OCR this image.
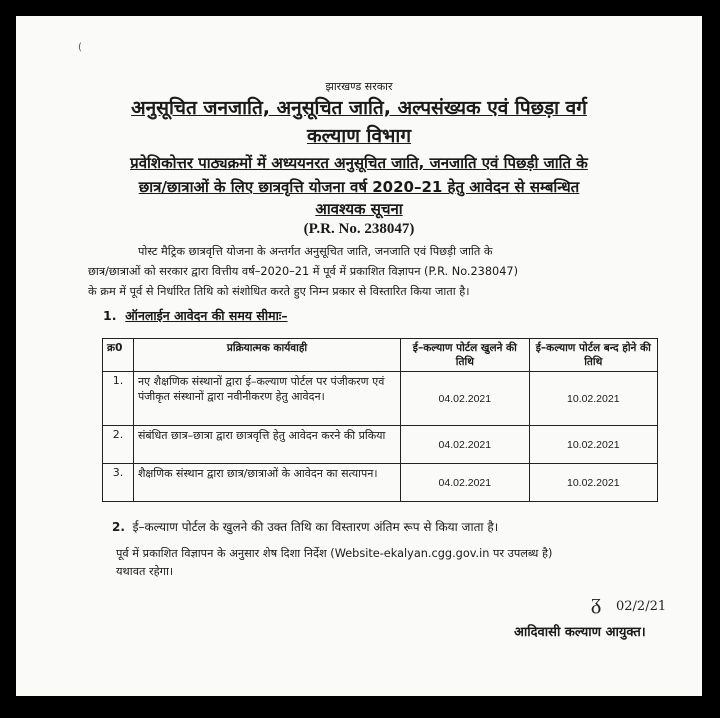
झारखण्ड सरकार
अनुसूचित जनजाति, अनुसूचित जाति, अल्पसंख्यक एवं पिछड़ा वर्ग
कल्याण विभाग
प्रवेशिकोत्तर पाठ्यक्रमों में अध्ययनरत अनुसूचित जाति, जनजाति एवं पिछड़ी जाति के
छात्र/छात्राओं के लिए छात्रवृत्ति योजना वर्ष 2020–21 हेतु आवेदन से सम्बन्धित
आवश्यक सूचना
(P.R. No. 238047)
पोस्ट मैट्रिक छात्रवृत्ति योजना के अन्तर्गत अनुसूचित जाति, जनजाति एवं पिछड़ी जाति के
छात्र/छात्राओं को सरकार द्वारा वित्तीय वर्ष–2020–21 में पूर्व में प्रकाशित विज्ञापन (P.R. No.238047)
के क्रम में पूर्व से निर्धारित तिथि को संशोधित करते हुए निम्न प्रकार से विस्तारित किया जाता है।
1. ऑनलाईन आवेदन की समय सीमाः–
क्र0	प्रक्रियात्मक कार्यवाही	ई–कल्याण पोर्टल खुलने की तिथि	ई–कल्याण पोर्टल बन्द होने की तिथि
1.	नए शैक्षणिक संस्थानों द्वारा ई–कल्याण पोर्टल पर पंजीकरण एवं पंजीकृत संस्थानों द्वारा नवीनीकरण हेतु आवेदन।	04.02.2021	10.02.2021
2.	संबंधित छात्र–छात्रा द्वारा छात्रवृत्ति हेतु आवेदन करने की प्रकिया	04.02.2021	10.02.2021
3.	शैक्षणिक संस्थान द्वारा छात्र/छात्राओं के आवेदन का सत्यापन।	04.02.2021	10.02.2021
2. ई–कल्याण पोर्टल के खुलने की उक्त तिथि का विस्तारण अंतिम रूप से किया जाता है।
पूर्व में प्रकाशित विज्ञापन के अनुसार शेष दिशा निर्देश (Website-ekalyan.cgg.gov.in पर उपलब्ध है)
यथावत रहेगा।
ᵹ 02/2/21
आदिवासी कल्याण आयुक्त।
(
